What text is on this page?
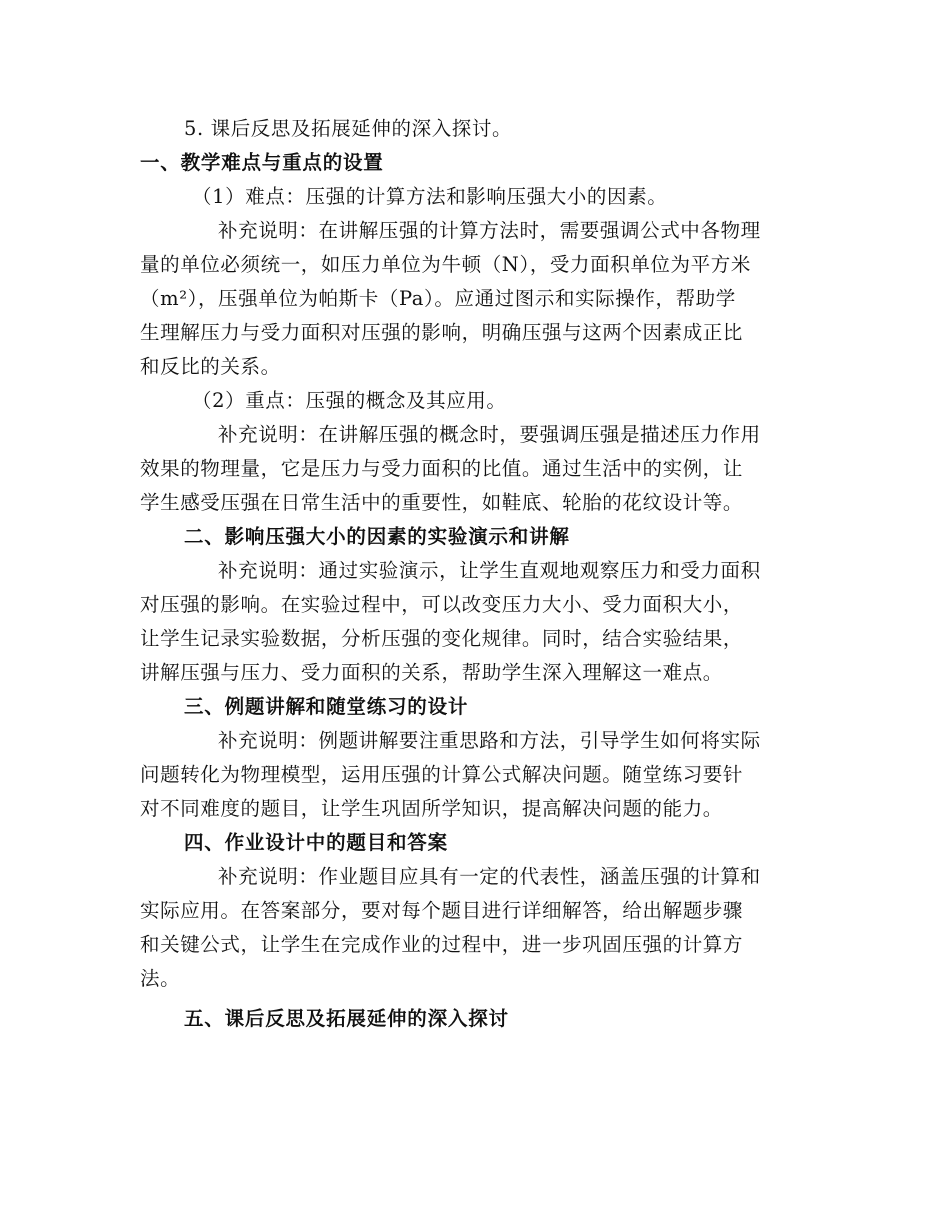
5. 课后反思及拓展延伸的深入探讨。
一、教学难点与重点的设置
（1）难点：压强的计算方法和影响压强大小的因素。
补充说明：在讲解压强的计算方法时，需要强调公式中各物理
量的单位必须统一，如压力单位为牛顿（N），受力面积单位为平方米
（m²），压强单位为帕斯卡（Pa）。应通过图示和实际操作，帮助学
生理解压力与受力面积对压强的影响，明确压强与这两个因素成正比
和反比的关系。
（2）重点：压强的概念及其应用。
补充说明：在讲解压强的概念时，要强调压强是描述压力作用
效果的物理量，它是压力与受力面积的比值。通过生活中的实例，让
学生感受压强在日常生活中的重要性，如鞋底、轮胎的花纹设计等。
二、影响压强大小的因素的实验演示和讲解
补充说明：通过实验演示，让学生直观地观察压力和受力面积
对压强的影响。在实验过程中，可以改变压力大小、受力面积大小，
让学生记录实验数据，分析压强的变化规律。同时，结合实验结果，
讲解压强与压力、受力面积的关系，帮助学生深入理解这一难点。
三、例题讲解和随堂练习的设计
补充说明：例题讲解要注重思路和方法，引导学生如何将实际
问题转化为物理模型，运用压强的计算公式解决问题。随堂练习要针
对不同难度的题目，让学生巩固所学知识，提高解决问题的能力。
四、作业设计中的题目和答案
补充说明：作业题目应具有一定的代表性，涵盖压强的计算和
实际应用。在答案部分，要对每个题目进行详细解答，给出解题步骤
和关键公式，让学生在完成作业的过程中，进一步巩固压强的计算方
法。
五、课后反思及拓展延伸的深入探讨
